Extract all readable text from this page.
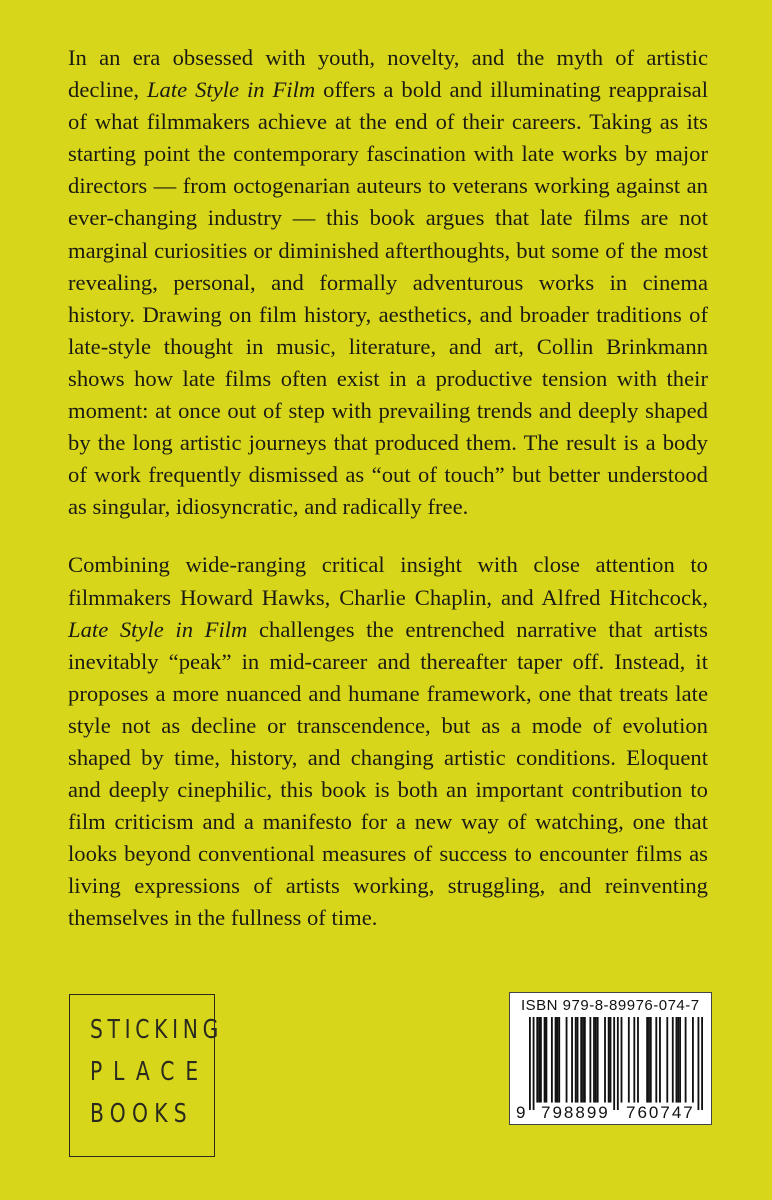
In an era obsessed with youth, novelty, and the myth of artistic decline, Late Style in Film offers a bold and illuminating reappraisal of what filmmakers achieve at the end of their careers. Taking as its starting point the contemporary fascination with late works by major directors — from octogenarian auteurs to veterans working against an ever-changing industry — this book argues that late films are not marginal curiosities or diminished afterthoughts, but some of the most revealing, personal, and formally adventurous works in cinema history. Drawing on film history, aesthetics, and broader traditions of late-style thought in music, literature, and art, Collin Brinkmann shows how late films often exist in a productive tension with their moment: at once out of step with prevailing trends and deeply shaped by the long artistic journeys that produced them. The result is a body of work frequently dismissed as “out of touch” but better understood as singular, idiosyncratic, and radically free.

Combining wide-ranging critical insight with close attention to filmmakers Howard Hawks, Charlie Chaplin, and Alfred Hitchcock, Late Style in Film challenges the entrenched narrative that artists inevitably “peak” in mid-career and thereafter taper off. Instead, it proposes a more nuanced and humane framework, one that treats late style not as decline or transcendence, but as a mode of evolution shaped by time, history, and changing artistic conditions. Eloquent and deeply cinephilic, this book is both an important contribution to film criticism and a manifesto for a new way of watching, one that looks beyond conventional measures of success to encounter films as living expressions of artists working, struggling, and reinventing themselves in the fullness of time.

STICKING
PLACE
BOOKS
ISBN 979-8-89976-074-7
9 798899 760747
